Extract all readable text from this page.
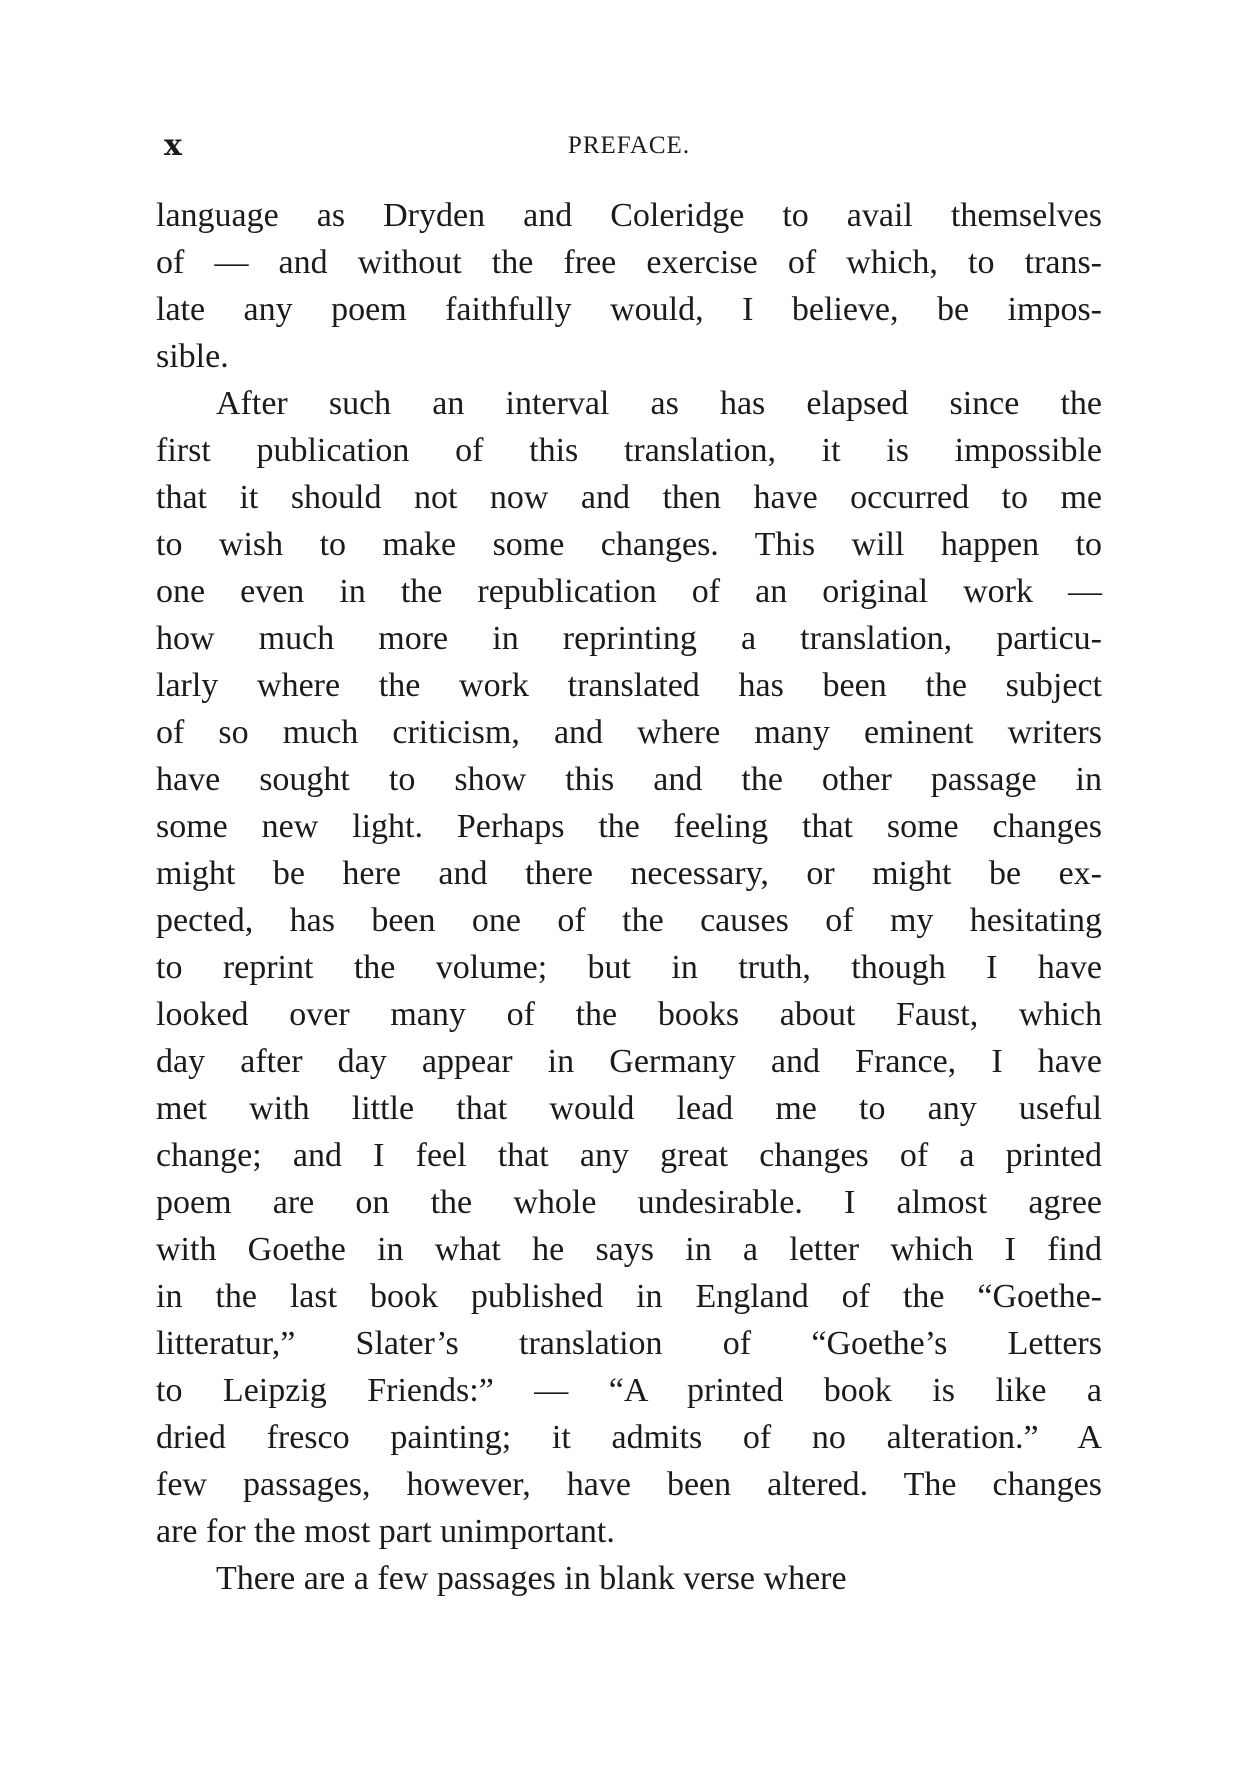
x	PREFACE.
language as Dryden and Coleridge to avail themselves
of — and without the free exercise of which, to trans-
late any poem faithfully would, I believe, be impos-
sible.
After such an interval as has elapsed since the
first publication of this translation, it is impossible
that it should not now and then have occurred to me
to wish to make some changes. This will happen to
one even in the republication of an original work —
how much more in reprinting a translation, particu-
larly where the work translated has been the subject
of so much criticism, and where many eminent writers
have sought to show this and the other passage in
some new light. Perhaps the feeling that some changes
might be here and there necessary, or might be ex-
pected, has been one of the causes of my hesitating
to reprint the volume; but in truth, though I have
looked over many of the books about Faust, which
day after day appear in Germany and France, I have
met with little that would lead me to any useful
change; and I feel that any great changes of a printed
poem are on the whole undesirable. I almost agree
with Goethe in what he says in a letter which I find
in the last book published in England of the “Goethe-
litteratur,” Slater’s translation of “Goethe’s Letters
to Leipzig Friends:” — “A printed book is like a
dried fresco painting; it admits of no alteration.” A
few passages, however, have been altered. The changes
are for the most part unimportant.
There are a few passages in blank verse where
